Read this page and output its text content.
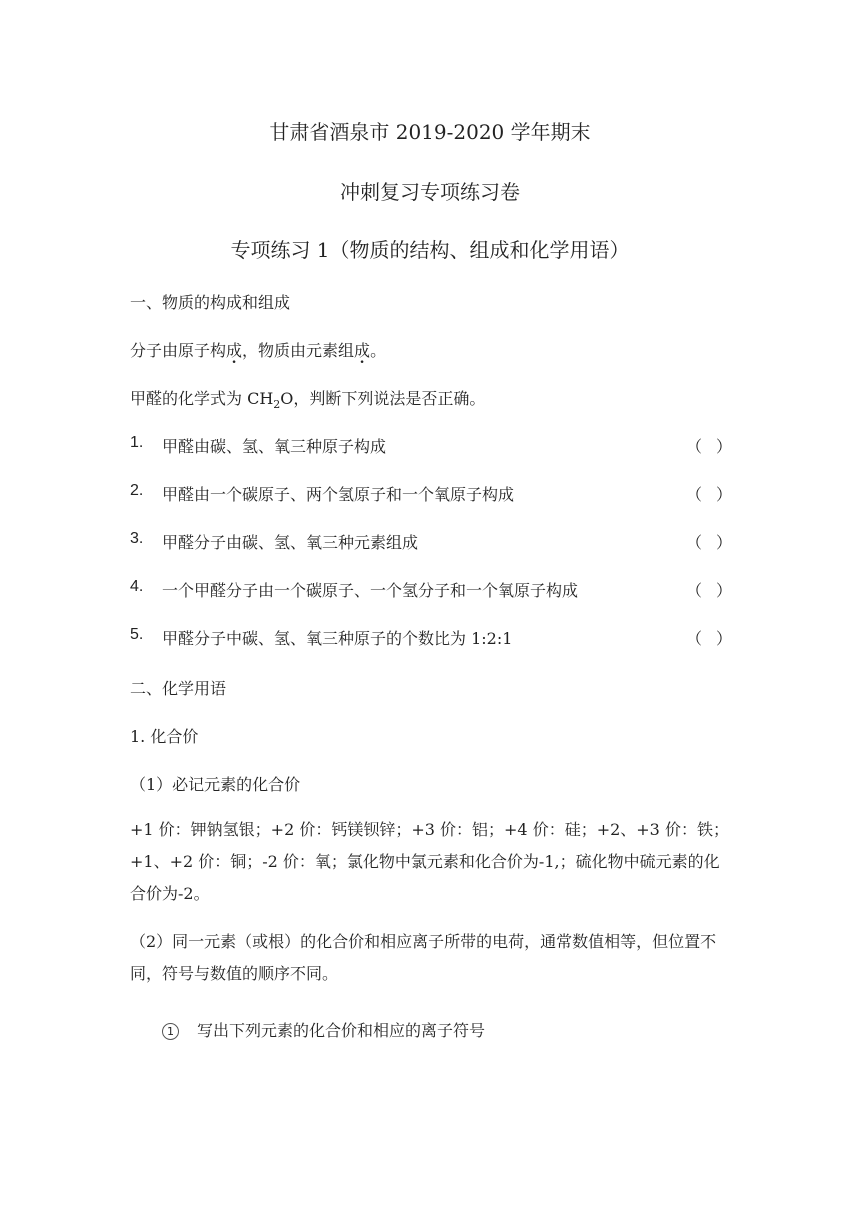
甘肃省酒泉市 2019-2020 学年期末
冲刺复习专项练习卷
专项练习 1（物质的结构、组成和化学用语）
一、物质的构成和组成
分子由原子构成，物质由元素组成。
甲醛的化学式为 $CH_2O$，判断下列说法是否正确。
1. 甲醛由碳、氢、氧三种原子构成	（ ）
2. 甲醛由一个碳原子、两个氢原子和一个氧原子构成	（ ）
3. 甲醛分子由碳、氢、氧三种元素组成	（ ）
4. 一个甲醛分子由一个碳原子、一个氢分子和一个氧原子构成	（ ）
5. 甲醛分子中碳、氢、氧三种原子的个数比为 1:2:1	（ ）
二、化学用语
1. 化合价
（1）必记元素的化合价
+1 价：钾钠氢银；+2 价：钙镁钡锌；+3 价：铝；+4 价：硅；+2、+3 价：铁；+1、+2 价：铜；-2 价：氧；氯化物中氯元素和化合价为-1,；硫化物中硫元素的化合价为-2。
（2）同一元素（或根）的化合价和相应离子所带的电荷，通常数值相等，但位置不同，符号与数值的顺序不同。
1 写出下列元素的化合价和相应的离子符号
